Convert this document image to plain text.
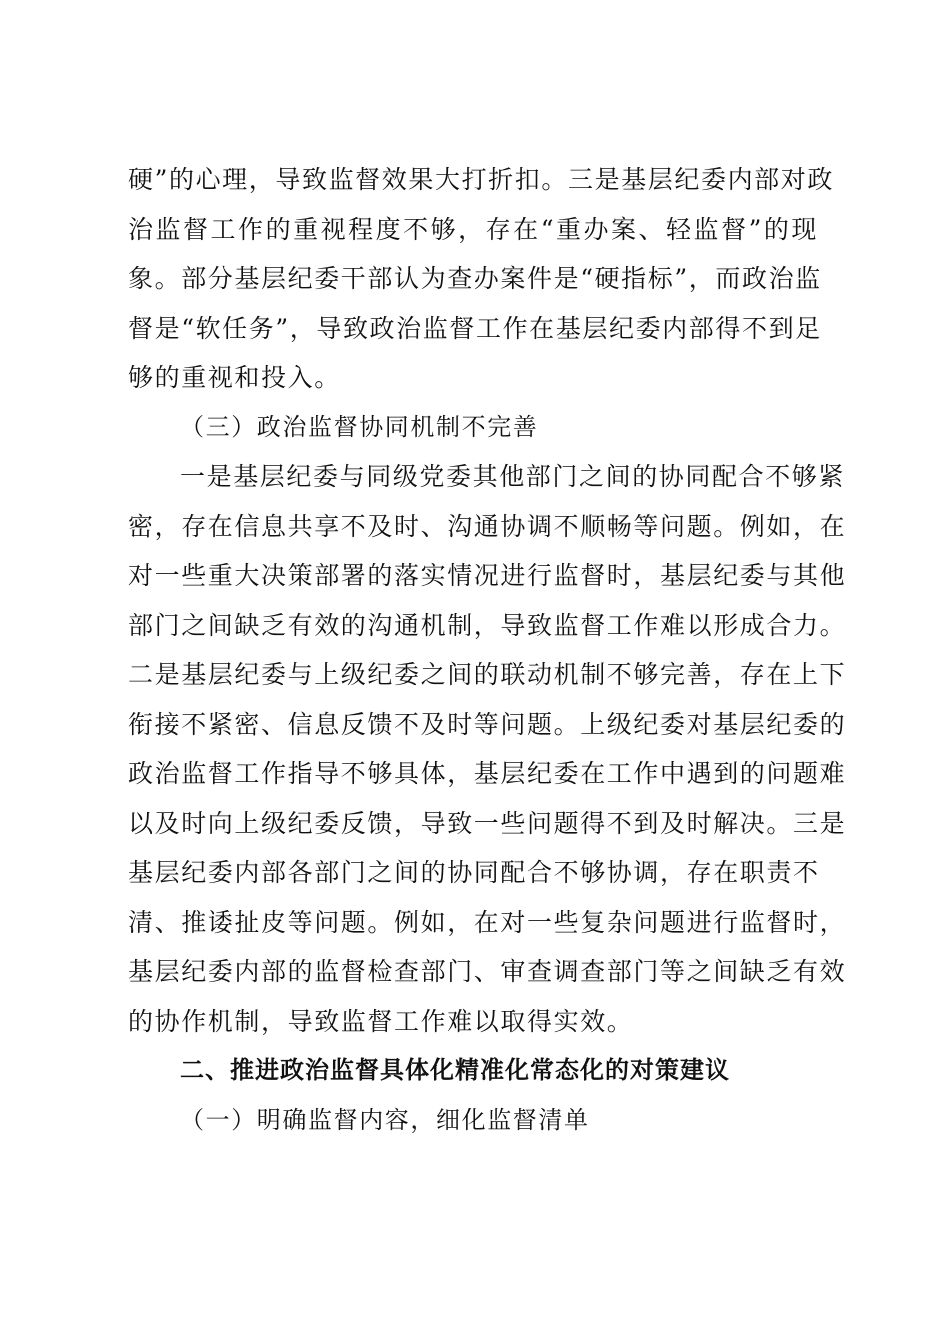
硬”的心理，导致监督效果大打折扣。三是基层纪委内部对政
治监督工作的重视程度不够，存在“重办案、轻监督”的现
象。部分基层纪委干部认为查办案件是“硬指标”，而政治监
督是“软任务”，导致政治监督工作在基层纪委内部得不到足
够的重视和投入。
（三）政治监督协同机制不完善
一是基层纪委与同级党委其他部门之间的协同配合不够紧
密，存在信息共享不及时、沟通协调不顺畅等问题。例如，在
对一些重大决策部署的落实情况进行监督时，基层纪委与其他
部门之间缺乏有效的沟通机制，导致监督工作难以形成合力。
二是基层纪委与上级纪委之间的联动机制不够完善，存在上下
衔接不紧密、信息反馈不及时等问题。上级纪委对基层纪委的
政治监督工作指导不够具体，基层纪委在工作中遇到的问题难
以及时向上级纪委反馈，导致一些问题得不到及时解决。三是
基层纪委内部各部门之间的协同配合不够协调，存在职责不
清、推诿扯皮等问题。例如，在对一些复杂问题进行监督时，
基层纪委内部的监督检查部门、审查调查部门等之间缺乏有效
的协作机制，导致监督工作难以取得实效。
二、推进政治监督具体化精准化常态化的对策建议
（一）明确监督内容，细化监督清单
